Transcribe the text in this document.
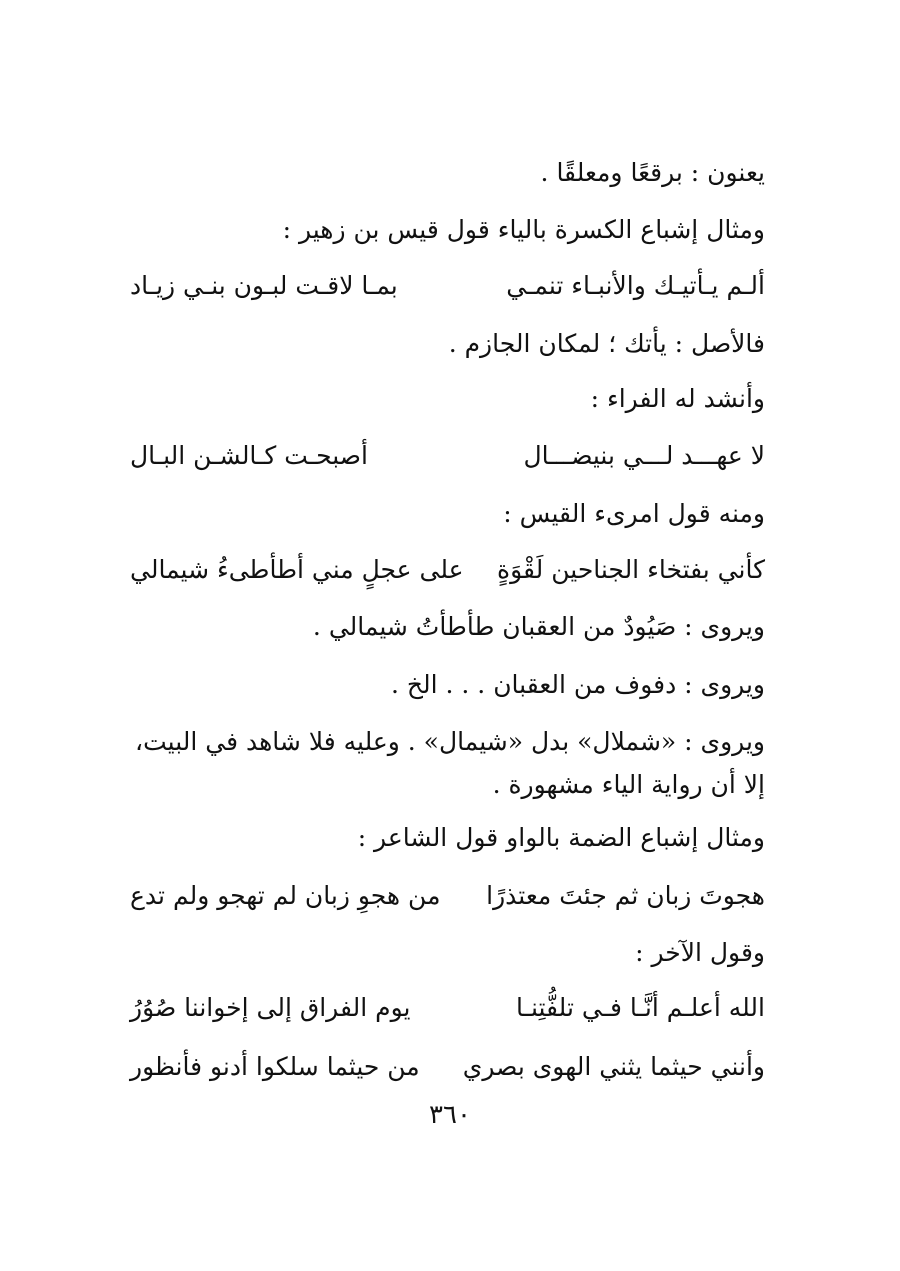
يعنون : برقعًا ومعلقًا .
ومثال إشباع الكسرة بالياء قول قيس بن زهير :
ألـم يـأتيـك والأنبـاء تنمـي
بمـا لاقـت لبـون بنـي زيـاد
فالأصل : يأتك ؛ لمكان الجازم .
وأنشد له الفراء :
لا عهـــد لـــي بنيضـــال
أصبحـت كـالشـن البـال
ومنه قول امرىء القيس :
كأني بفتخاء الجناحين لَقْوَةٍ
على عجلٍ مني أطأطىءُ شيمالي
ويروى : صَيُودٌ من العقبان طأطأتُ شيمالي .
ويروى : دفوف من العقبان . . . الخ .
ويروى : «شملال» بدل «شيمال» . وعليه فلا شاهد في البيت،
إلا أن رواية الياء مشهورة .
ومثال إشباع الضمة بالواو قول الشاعر :
هجوتَ زبان ثم جئتَ معتذرًا
من هجوِ زبان لم تهجو ولم تدع
وقول الآخر :
الله أعلـم أنَّـا فـي تلفُّتِنـا
يوم الفراق إلى إخواننا صُوُرُ
وأنني حيثما يثني الهوى بصري
من حيثما سلكوا أدنو فأنظور
٣٦٠
